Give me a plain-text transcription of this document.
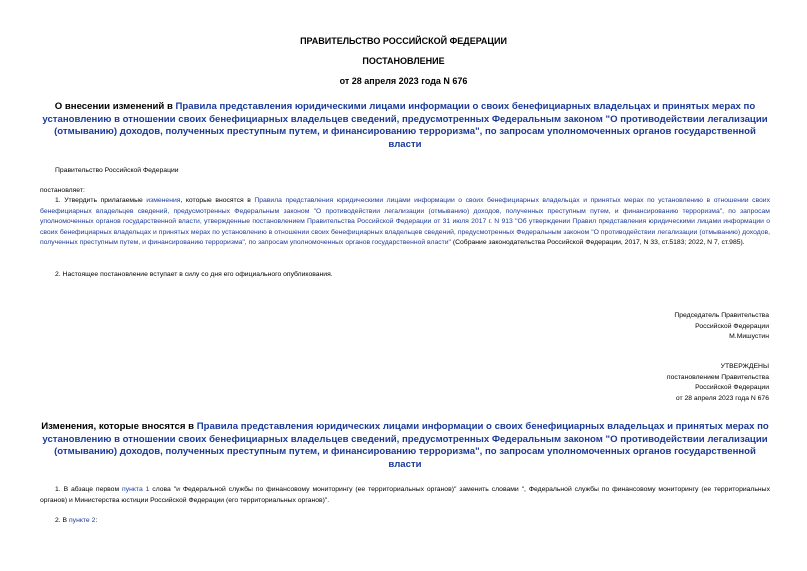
ПРАВИТЕЛЬСТВО РОССИЙСКОЙ ФЕДЕРАЦИИ
ПОСТАНОВЛЕНИЕ
от 28 апреля 2023 года N 676
О внесении изменений в Правила представления юридическими лицами информации о своих бенефициарных владельцах и принятых мерах по установлению в отношении своих бенефициарных владельцев сведений, предусмотренных Федеральным законом "О противодействии легализации (отмыванию) доходов, полученных преступным путем, и финансированию терроризма", по запросам уполномоченных органов государственной власти
Правительство Российской Федерации
постановляет:
1. Утвердить прилагаемые изменения, которые вносятся в Правила представления юридическими лицами информации о своих бенефициарных владельцах и принятых мерах по установлению в отношении своих бенефициарных владельцев сведений, предусмотренных Федеральным законом "О противодействии легализации (отмыванию) доходов, полученных преступным путем, и финансированию терроризма", по запросам уполномоченных органов государственной власти, утвержденные постановлением Правительства Российской Федерации от 31 июля 2017 г. N 913 "Об утверждении Правил представления юридическими лицами информации о своих бенефициарных владельцах и принятых мерах по установлению в отношении своих бенефициарных владельцев сведений, предусмотренных Федеральным законом "О противодействии легализации (отмыванию) доходов, полученных преступным путем, и финансированию терроризма", по запросам уполномоченных органов государственной власти" (Собрание законодательства Российской Федерации, 2017, N 33, ст.5183; 2022, N 7, ст.985).
2. Настоящее постановление вступает в силу со дня его официального опубликования.
Председатель Правительства
Российской Федерации
М.Мишустин
УТВЕРЖДЕНЫ
постановлением Правительства
Российской Федерации
от 28 апреля 2023 года N 676
Изменения, которые вносятся в Правила представления юридических лицами информации о своих бенефициарных владельцах и принятых мерах по установлению в отношении своих бенефициарных владельцев сведений, предусмотренных Федеральным законом "О противодействии легализации (отмыванию) доходов, полученных преступным путем, и финансированию терроризма", по запросам уполномоченных органов государственной власти
1. В абзаце первом пункта 1 слова "и Федеральной службы по финансовому мониторингу (ее территориальных органов)" заменить словами ", Федеральной службы по финансовому мониторингу (ее территориальных органов) и Министерства юстиции Российской Федерации (его территориальных органов)".
2. В пункте 2:
